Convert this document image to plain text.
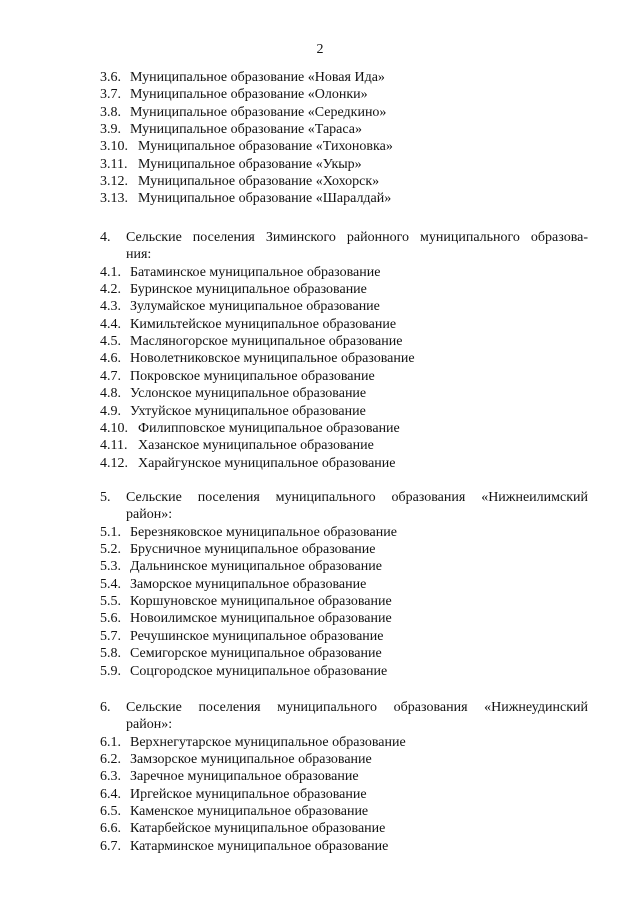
2
3.6. Муниципальное образование «Новая Ида»
3.7. Муниципальное образование «Олонки»
3.8. Муниципальное образование «Середкино»
3.9. Муниципальное образование «Тараса»
3.10. Муниципальное образование «Тихоновка»
3.11. Муниципальное образование «Укыр»
3.12. Муниципальное образование «Хохорск»
3.13. Муниципальное образование «Шаралдай»
4. Сельские поселения Зиминского районного муниципального образова-
ния:
4.1. Батаминское муниципальное образование
4.2. Буринское муниципальное образование
4.3. Зулумайское муниципальное образование
4.4. Кимильтейское муниципальное образование
4.5. Масляногорское муниципальное образование
4.6. Новолетниковское муниципальное образование
4.7. Покровское муниципальное образование
4.8. Услонское муниципальное образование
4.9. Ухтуйское муниципальное образование
4.10. Филипповское муниципальное образование
4.11. Хазанское муниципальное образование
4.12. Харайгунское муниципальное образование
5. Сельские поселения муниципального образования «Нижнеилимский
район»:
5.1. Березняковское муниципальное образование
5.2. Брусничное муниципальное образование
5.3. Дальнинское муниципальное образование
5.4. Заморское муниципальное образование
5.5. Коршуновское муниципальное образование
5.6. Новоилимское муниципальное образование
5.7. Речушинское муниципальное образование
5.8. Семигорское муниципальное образование
5.9. Соцгородское муниципальное образование
6. Сельские поселения муниципального образования «Нижнеудинский
район»:
6.1. Верхнегутарское муниципальное образование
6.2. Замзорское муниципальное образование
6.3. Заречное муниципальное образование
6.4. Иргейское муниципальное образование
6.5. Каменское муниципальное образование
6.6. Катарбейское муниципальное образование
6.7. Катарминское муниципальное образование
